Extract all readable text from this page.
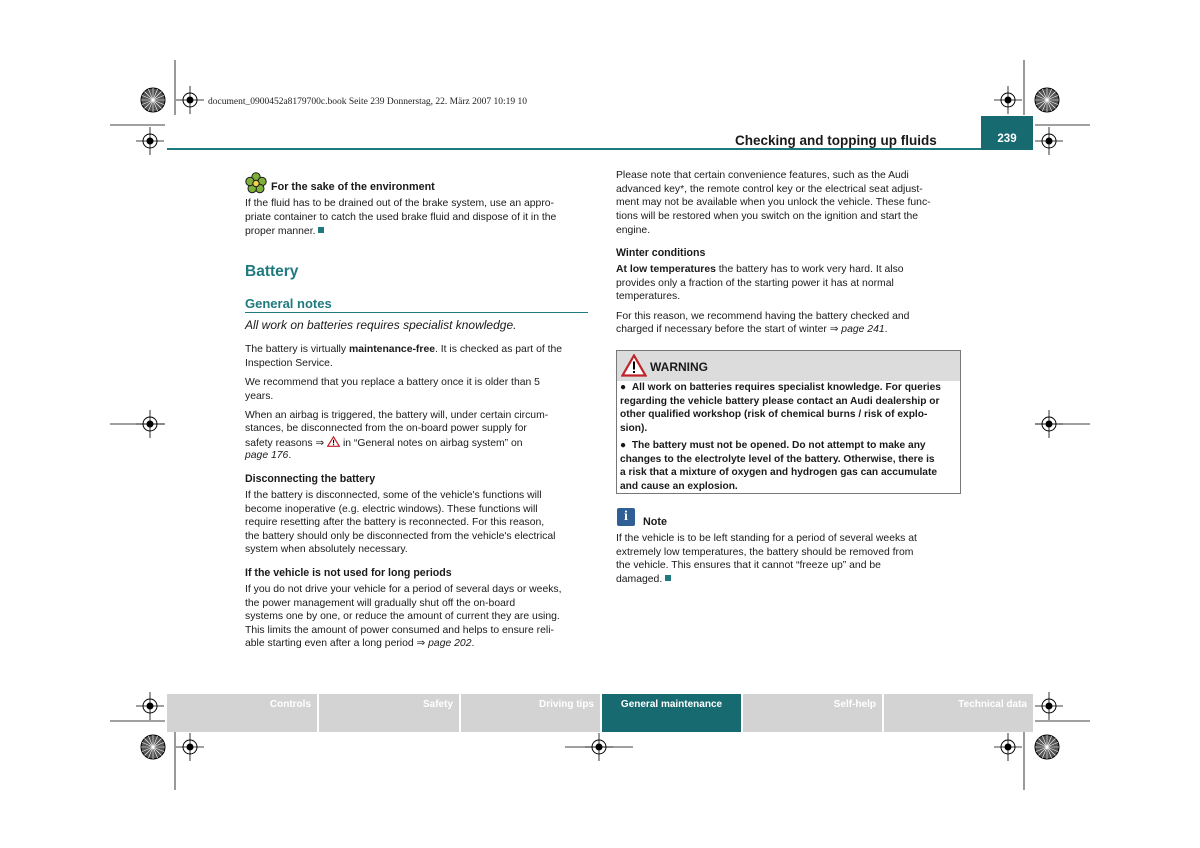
document_0900452a8179700c.book Seite 239 Donnerstag, 22. März 2007 10:19 10
Checking and topping up fluids	239
For the sake of the environment

If the fluid has to be drained out of the brake system, use an appro-

priate container to catch the used brake fluid and dispose of it in the

proper manner.

Battery
General notes
All work on batteries requires specialist knowledge.

The battery is virtually maintenance-free. It is checked as part of the

Inspection Service.

We recommend that you replace a battery once it is older than 5

years.

When an airbag is triggered, the battery will, under certain circum-

stances, be disconnected from the on-board power supply for

safety reasons ⇒  in “General notes on airbag system” on

page 176.

Disconnecting the battery

If the battery is disconnected, some of the vehicle's functions will

become inoperative (e.g. electric windows). These functions will

require resetting after the battery is reconnected. For this reason,

the battery should only be disconnected from the vehicle's electrical

system when absolutely necessary.

If the vehicle is not used for long periods

If you do not drive your vehicle for a period of several days or weeks,

the power management will gradually shut off the on-board

systems one by one, or reduce the amount of current they are using.

This limits the amount of power consumed and helps to ensure reli-

able starting even after a long period ⇒ page 202.

Please note that certain convenience features, such as the Audi

advanced key*, the remote control key or the electrical seat adjust-

ment may not be available when you unlock the vehicle. These func-

tions will be restored when you switch on the ignition and start the

engine.

Winter conditions

At low temperatures the battery has to work very hard. It also

provides only a fraction of the starting power it has at normal

temperatures.

For this reason, we recommend having the battery checked and

charged if necessary before the start of winter ⇒ page 241.

WARNING

● All work on batteries requires specialist knowledge. For queries

regarding the vehicle battery please contact an Audi dealership or

other qualified workshop (risk of chemical burns / risk of explo-

sion).

● The battery must not be opened. Do not attempt to make any

changes to the electrolyte level of the battery. Otherwise, there is

a risk that a mixture of oxygen and hydrogen gas can accumulate

and cause an explosion.

i	Note

If the vehicle is to be left standing for a period of several weeks at

extremely low temperatures, the battery should be removed from

the vehicle. This ensures that it cannot “freeze up” and be

damaged.

Controls	Safety	Driving tips	General maintenance	Self-help	Technical data
